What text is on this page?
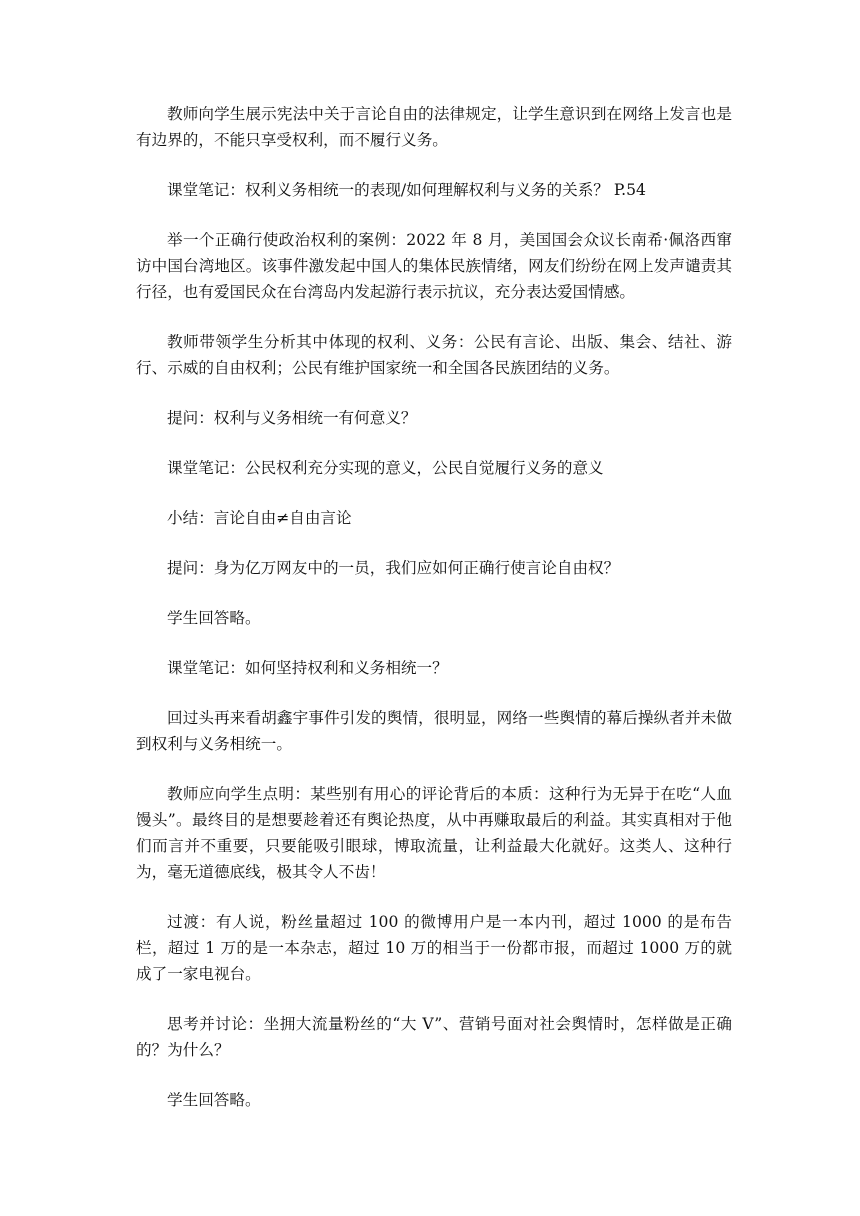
教师向学生展示宪法中关于言论自由的法律规定，让学生意识到在网络上发言也是有边界的，不能只享受权利，而不履行义务。

课堂笔记：权利义务相统一的表现/如何理解权利与义务的关系？ P.54

举一个正确行使政治权利的案例：2022 年 8 月，美国国会众议长南希·佩洛西窜访中国台湾地区。该事件激发起中国人的集体民族情绪，网友们纷纷在网上发声谴责其行径，也有爱国民众在台湾岛内发起游行表示抗议，充分表达爱国情感。

教师带领学生分析其中体现的权利、义务：公民有言论、出版、集会、结社、游行、示威的自由权利；公民有维护国家统一和全国各民族团结的义务。

提问：权利与义务相统一有何意义？

课堂笔记：公民权利充分实现的意义，公民自觉履行义务的意义

小结：言论自由≠自由言论

提问：身为亿万网友中的一员，我们应如何正确行使言论自由权？

学生回答略。

课堂笔记：如何坚持权利和义务相统一？

回过头再来看胡鑫宇事件引发的舆情，很明显，网络一些舆情的幕后操纵者并未做到权利与义务相统一。

教师应向学生点明：某些别有用心的评论背后的本质：这种行为无异于在吃“人血馒头”。最终目的是想要趁着还有舆论热度，从中再赚取最后的利益。其实真相对于他们而言并不重要，只要能吸引眼球，博取流量，让利益最大化就好。这类人、这种行为，毫无道德底线，极其令人不齿！

过渡：有人说，粉丝量超过 100 的微博用户是一本内刊，超过 1000 的是布告栏，超过 1 万的是一本杂志，超过 10 万的相当于一份都市报，而超过 1000 万的就成了一家电视台。

思考并讨论：坐拥大流量粉丝的“大 V”、营销号面对社会舆情时，怎样做是正确的？为什么？

学生回答略。
